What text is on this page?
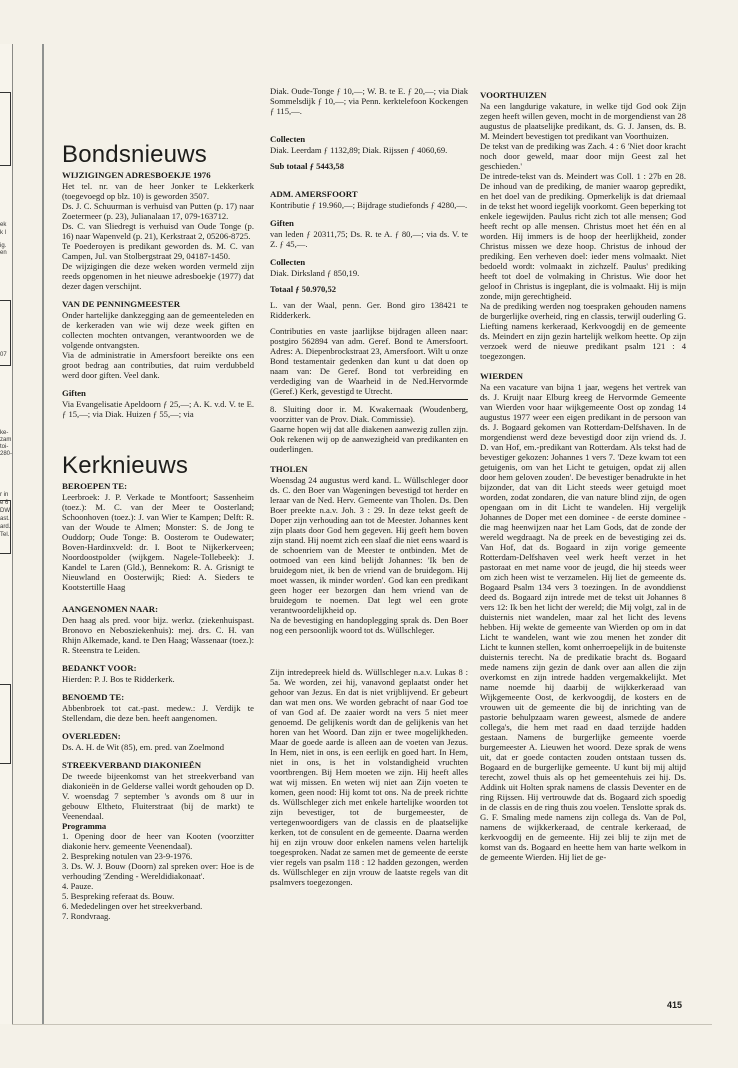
ek
k l
ig.
en
07
ke-
zam
toi-
280-
r in
e 6
DW,
ast.
ard.
Tel.
Bondsnieuws
WIJZIGINGEN ADRESBOEKJE 1976

Het tel. nr. van de heer Jonker te Lekkerkerk (toegevoegd op blz. 10) is geworden 3507.

Ds. J. C. Schuurman is verhuisd van Putten (p. 17) naar Zoetermeer (p. 23), Julianalaan 17, 079-163712.

Ds. C. van Sliedregt is verhuisd van Oude Tonge (p. 16) naar Wapenveld (p. 21), Kerkstraat 2, 05206-8725.

Te Poederoyen is predikant geworden ds. M. C. van Campen, Jul. van Stolbergstraat 29, 04187-1450.

De wijzigingen die deze weken worden vermeld zijn reeds opgenomen in het nieuwe adresboekje (1977) dat dezer dagen verschijnt.

VAN DE PENNINGMEESTER

Onder hartelijke dankzegging aan de gemeenteleden en de kerkeraden van wie wij deze week giften en collecten mochten ontvangen, verantwoorden we de volgende ontvangsten.

Via de administratie in Amersfoort bereikte ons een groot bedrag aan contributies, dat ruim verdubbeld werd door giften. Veel dank.

Giften

Via Evangelisatie Apeldoorn ƒ 25,—; A. K. v.d. V. te E. ƒ 15,—; via Diak. Huizen ƒ 55,—; via

Kerknieuws
BEROEPEN TE:

Leerbroek: J. P. Verkade te Montfoort; Sassenheim (toez.): M. C. van der Meer te Oosterland; Schoonhoven (toez.): J. van Wier te Kampen; Delft: R. van der Woude te Almen; Monster: S. de Jong te Ouddorp; Oude Tonge: B. Oosterom te Oudewater; Boven-Hardinxveld: dr. I. Boot te Nijkerkerveen; Noordoostpolder (wijkgem. Nagele-Tollebeek): J. Kandel te Laren (Gld.), Bennekom: R. A. Grisnigt te Nieuwland en Oosterwijk; Ried: A. Sieders te Kootstertille Haag

AANGENOMEN NAAR:

Den haag als pred. voor bijz. werkz. (ziekenhuispast. Bronovo en Nebosziekenhuis): mej. drs. C. H. van Rhijn Alkemade, kand. te Den Haag; Wassenaar (toez.): R. Steenstra te Leiden.

BEDANKT VOOR:

Hierden: P. J. Bos te Ridderkerk.

BENOEMD TE:

Abbenbroek tot cat.-past. medew.: J. Verdijk te Stellendam, die deze ben. heeft aangenomen.

OVERLEDEN:

Ds. A. H. de Wit (85), em. pred. van Zoelmond

STREEKVERBAND DIAKONIEËN

De tweede bijeenkomst van het streekverband van diakonieën in de Gelderse vallei wordt gehouden op D. V. woensdag 7 september 's avonds om 8 uur in gebouw Eltheto, Fluiterstraat (bij de markt) te Veenendaal.

Programma

1. Opening door de heer van Kooten (voorzitter diakonie herv. gemeente Veenendaal).

2. Bespreking notulen van 23-9-1976.

3. Ds. W. J. Bouw (Doorn) zal spreken over: Hoe is de verhouding 'Zending - Wereldidiakonaat'.

4. Pauze.

5. Bespreking referaat ds. Bouw.

6. Mededelingen over het streekverband.

7. Rondvraag.

Diak. Oude-Tonge ƒ 10,—; W. B. te E. ƒ 20,—; via Diak Sommelsdijk ƒ 10,—; via Penn. kerktelefoon Kockengen ƒ 115,—.

Collecten

Diak. Leerdam ƒ 1132,89; Diak. Rijssen ƒ 4060,69.

Sub totaal ƒ 5443,58

ADM. AMERSFOORT

Kontributie ƒ 19.960,—; Bijdrage studiefonds ƒ 4280,—.

Giften

van leden ƒ 20311,75; Ds. R. te A. ƒ 80,—; via ds. V. te Z. ƒ 45,—.

Collecten

Diak. Dirksland ƒ 850,19.

Totaal ƒ 50.970,52

L. van der Waal, penn. Ger. Bond giro 138421 te Ridderkerk.

Contributies en vaste jaarlijkse bijdragen alleen naar: postgiro 562894 van adm. Geref. Bond te Amersfoort. Adres: A. Diepenbrockstraat 23, Amersfoort. Wilt u onze Bond testamentair gedenken dan kunt u dat doen op naam van: De Geref. Bond tot verbreiding en verdediging van de Waarheid in de Ned.Hervormde (Geref.) Kerk, gevestigd te Utrecht.

8. Sluiting door ir. M. Kwakernaak (Woudenberg, voorzitter van de Prov. Diak. Commissie).

Gaarne hopen wij dat alle diakenen aanwezig zullen zijn. Ook rekenen wij op de aanwezigheid van predikanten en ouderlingen.

THOLEN

Woensdag 24 augustus werd kand. L. Wüllschleger door ds. C. den Boer van Wageningen bevestigd tot herder en leraar van de Ned. Herv. Gemeente van Tholen. Ds. Den Boer preekte n.a.v. Joh. 3 : 29. In deze tekst geeft de Doper zijn verhouding aan tot de Meester. Johannes kent zijn plaats door God hem gegeven. Hij geeft hem boven zijn stand. Hij noemt zich een slaaf die niet eens waard is de schoenriem van de Meester te ontbinden. Met de ootmoed van een kind belijdt Johannes: 'Ik ben de bruidegom niet, ik ben de vriend van de bruidegom. Hij moet wassen, ik minder worden'. God kan een predikant geen hoger eer bezorgen dan hem vriend van de bruidegom te noemen. Dat legt wel een grote verantwoordelijkheid op.

Na de bevestiging en handoplegging sprak ds. Den Boer nog een persoonlijk woord tot ds. Wüllschleger.

Zijn intredepreek hield ds. Wüllschleger n.a.v. Lukas 8 : 5a. We worden, zei hij, vanavond geplaatst onder het gehoor van Jezus. En dat is niet vrijblijvend. Er gebeurt dan wat men ons. We worden gebracht of naar God toe of van God af. De zaaier wordt na vers 5 niet meer genoemd. De gelijkenis wordt dan de gelijkenis van het horen van het Woord. Dan zijn er twee mogelijkheden. Maar de goede aarde is alleen aan de voeten van Jezus. In Hem, niet in ons, is een eerlijk en goed hart. In Hem, niet in ons, is het in volstandigheid vruchten voortbrengen. Bij Hem moeten we zijn. Hij heeft alles wat wij missen. En weten wij niet aan Zijn voeten te komen, geen nood: Hij komt tot ons. Na de preek richtte ds. Wüllschleger zich met enkele hartelijke woorden tot zijn bevestiger, tot de burgemeester, de vertegenwoordigers van de classis en de plaatselijke kerken, tot de consulent en de gemeente. Daarna werden hij en zijn vrouw door enkelen namens velen hartelijk toegesproken. Nadat ze samen met de gemeente de eerste vier regels van psalm 118 : 12 hadden gezongen, werden ds. Wüllschleger en zijn vrouw de laatste regels van dit psalmvers toegezongen.

VOORTHUIZEN

Na een langdurige vakature, in welke tijd God ook Zijn zegen heeft willen geven, mocht in de morgendienst van 28 augustus de plaatselijke predikant, ds. G. J. Jansen, ds. B. M. Meindert bevestigen tot predikant van Voorthuizen.

De tekst van de prediking was Zach. 4 : 6 'Niet door kracht noch door geweld, maar door mijn Geest zal het geschieden.'

De intrede-tekst van ds. Meindert was Coll. 1 : 27b en 28. De inhoud van de prediking, de manier waarop gepredikt, en het doel van de prediking. Opmerkelijk is dat driemaal in de tekst het woord iegelijk voorkomt. Geen beperking tot enkele iegewijden. Paulus richt zich tot alle mensen; God heeft recht op alle mensen. Christus moet het één en al worden. Hij immers is de hoop der heerlijkheid, zonder Christus missen we deze hoop. Christus de inhoud der prediking. Een verheven doel: ieder mens volmaakt. Niet bedoeld wordt: volmaakt in zichzelf. Paulus' prediking heeft tot doel de volmaking in Christus. Wie door het geloof in Christus is ingeplant, die is volmaakt. Hij is mijn zonde, mijn gerechtigheid.

Na de prediking werden nog toespraken gehouden namens de burgerlijke overheid, ring en classis, terwijl ouderling G. Liefting namens kerkeraad, Kerkvoogdij en de gemeente ds. Meindert en zijn gezin hartelijk welkom heette. Op zijn verzoek werd de nieuwe predikant psalm 121 : 4 toegezongen.

WIERDEN

Na een vacature van bijna 1 jaar, wegens het vertrek van ds. J. Kruijt naar Elburg kreeg de Hervormde Gemeente van Wierden voor haar wijkgemeente Oost op zondag 14 augustus 1977 weer een eigen predikant in de persoon van ds. J. Bogaard gekomen van Rotterdam-Delfshaven. In de morgendienst werd deze bevestigd door zijn vriend ds. J. D. van Hof, em.-predikant van Rotterdam. Als tekst had de bevestiger gekozen: Johannes 1 vers 7. 'Deze kwam tot een getuigenis, om van het Licht te getuigen, opdat zij allen door hem geloven zouden'. De bevestiger benadrukte in het bijzonder, dat van dit Licht steeds weer getuigd moet worden, zodat zondaren, die van nature blind zijn, de ogen opengaan om in dit Licht te wandelen. Hij vergelijk Johannes de Doper met een dominee - de eerste dominee - die mag heenwijzen naar het Lam Gods, dat de zonde der wereld wegdraagt. Na de preek en de bevestiging zei ds. Van Hof, dat ds. Bogaard in zijn vorige gemeente Rotterdam-Delfshaven veel werk heeft verzet in het pastoraat en met name voor de jeugd, die hij steeds weer om zich heen wist te verzamelen. Hij liet de gemeente ds. Bogaard Psalm 134 vers 3 toezingen. In de avonddienst deed ds. Bogaard zijn intrede met de tekst uit Johannes 8 vers 12: Ik ben het licht der wereld; die Mij volgt, zal in de duisternis niet wandelen, maar zal het licht des levens hebben. Hij wekte de gemeente van Wierden op om in dat Licht te wandelen, want wie zou menen het zonder dit Licht te kunnen stellen, komt onherroepelijk in de buitenste duisternis terecht. Na de predikatie bracht ds. Bogaard mede namens zijn gezin de dank over aan allen die zijn overkomst en zijn intrede hadden vergemakkelijkt. Met name noemde hij daarbij de wijkkerkeraad van Wijkgemeente Oost, de kerkvoogdij, de kosters en de vrouwen uit de gemeente die bij de inrichting van de pastorie behulpzaam waren geweest, alsmede de andere collega's, die hem met raad en daad terzijde hadden gestaan. Namens de burgerlijke gemeente voerde burgemeester A. Lieuwen het woord. Deze sprak de wens uit, dat er goede contacten zouden ontstaan tussen ds. Bogaard en de burgerlijke gemeente. U kunt bij mij altijd terecht, zowel thuis als op het gemeentehuis zei hij. Ds. Addink uit Holten sprak namens de classis Deventer en de ring Rijssen. Hij vertrouwde dat ds. Bogaard zich spoedig in de classis en de ring thuis zou voelen. Tenslotte sprak ds. G. F. Smaling mede namens zijn collega ds. Van de Pol, namens de wijkkerkeraad, de centrale kerkeraad, de kerkvoogdij en de gemeente. Hij zei blij te zijn met de komst van ds. Bogaard en heette hem van harte welkom in de gemeente Wierden. Hij liet de ge-

415
